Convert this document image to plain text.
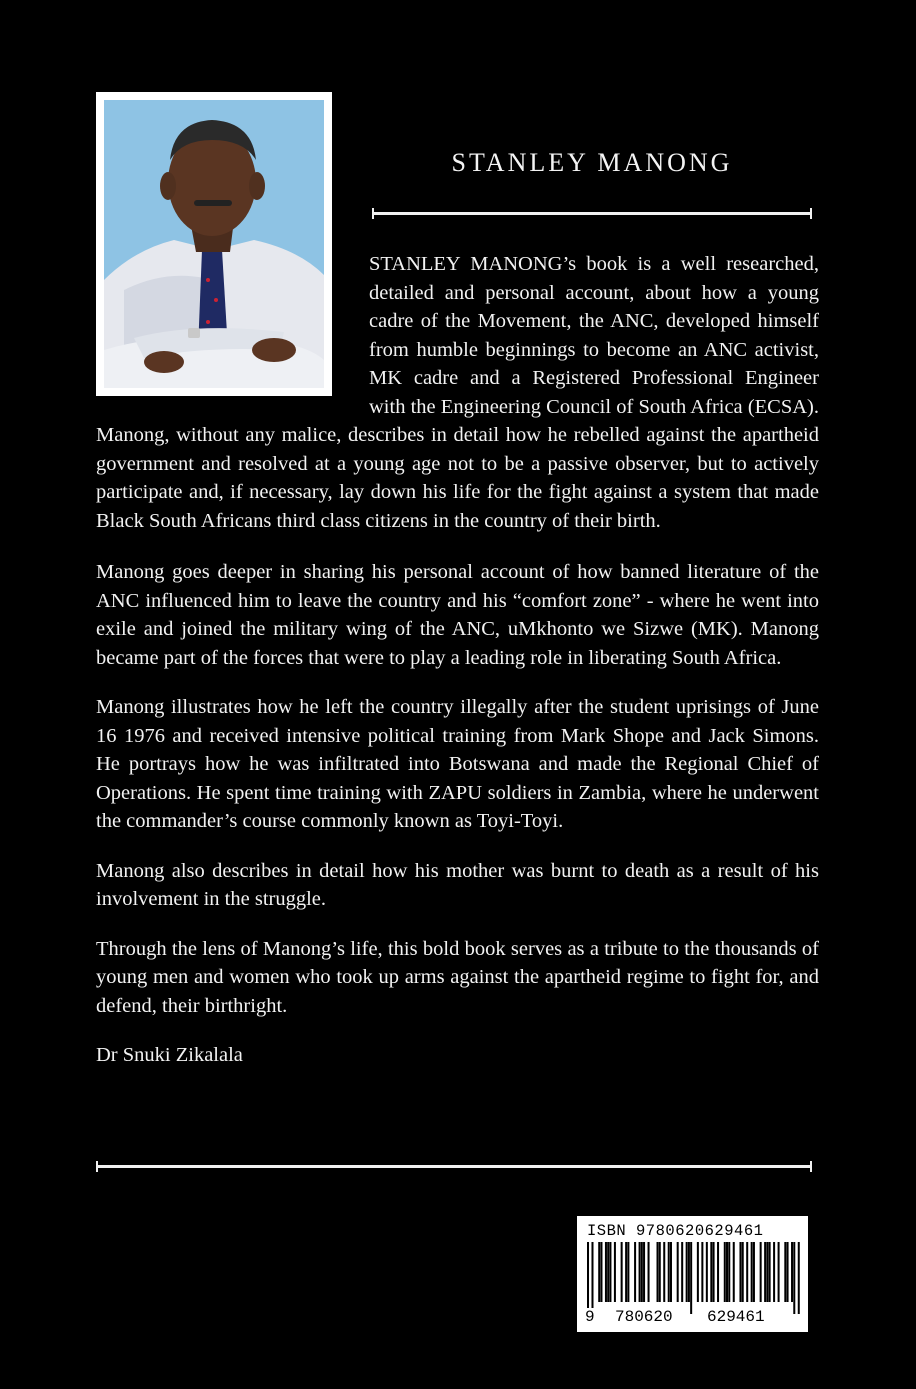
STANLEY MANONG

STANLEY MANONG’s book is a well researched, detailed and personal account, about how a young cadre of the Movement, the ANC, developed himself from humble beginnings to become an ANC activist, MK cadre and a Registered Professional Engineer with the Engineering Council of South Africa (ECSA). Manong, without any malice, describes in detail how he rebelled against the apartheid government and resolved at a young age not to be a passive observer, but to actively participate and, if necessary, lay down his life for the fight against a system that made Black South Africans third class citizens in the country of their birth.

Manong goes deeper in sharing his personal account of how banned literature of the ANC influenced him to leave the country and his “comfort zone” - where he went into exile and joined the military wing of the ANC, uMkhonto we Sizwe (MK). Manong became part of the forces that were to play a leading role in liberating South Africa.

Manong illustrates how he left the country illegally after the student uprisings of June 16 1976 and received intensive political training from Mark Shope and Jack Simons. He portrays how he was infiltrated into Botswana and made the Regional Chief of Operations. He spent time training with ZAPU soldiers in Zambia, where he underwent the commander’s course commonly known as Toyi-Toyi.

Manong also describes in detail how his mother was burnt to death as a result of his involvement in the struggle.

Through the lens of Manong’s life, this bold book serves as a tribute to the thousands of young men and women who took up arms against the apartheid regime to fight for, and defend, their birthright.

Dr Snuki Zikalala

ISBN 9780620629461
9 780620 629461
